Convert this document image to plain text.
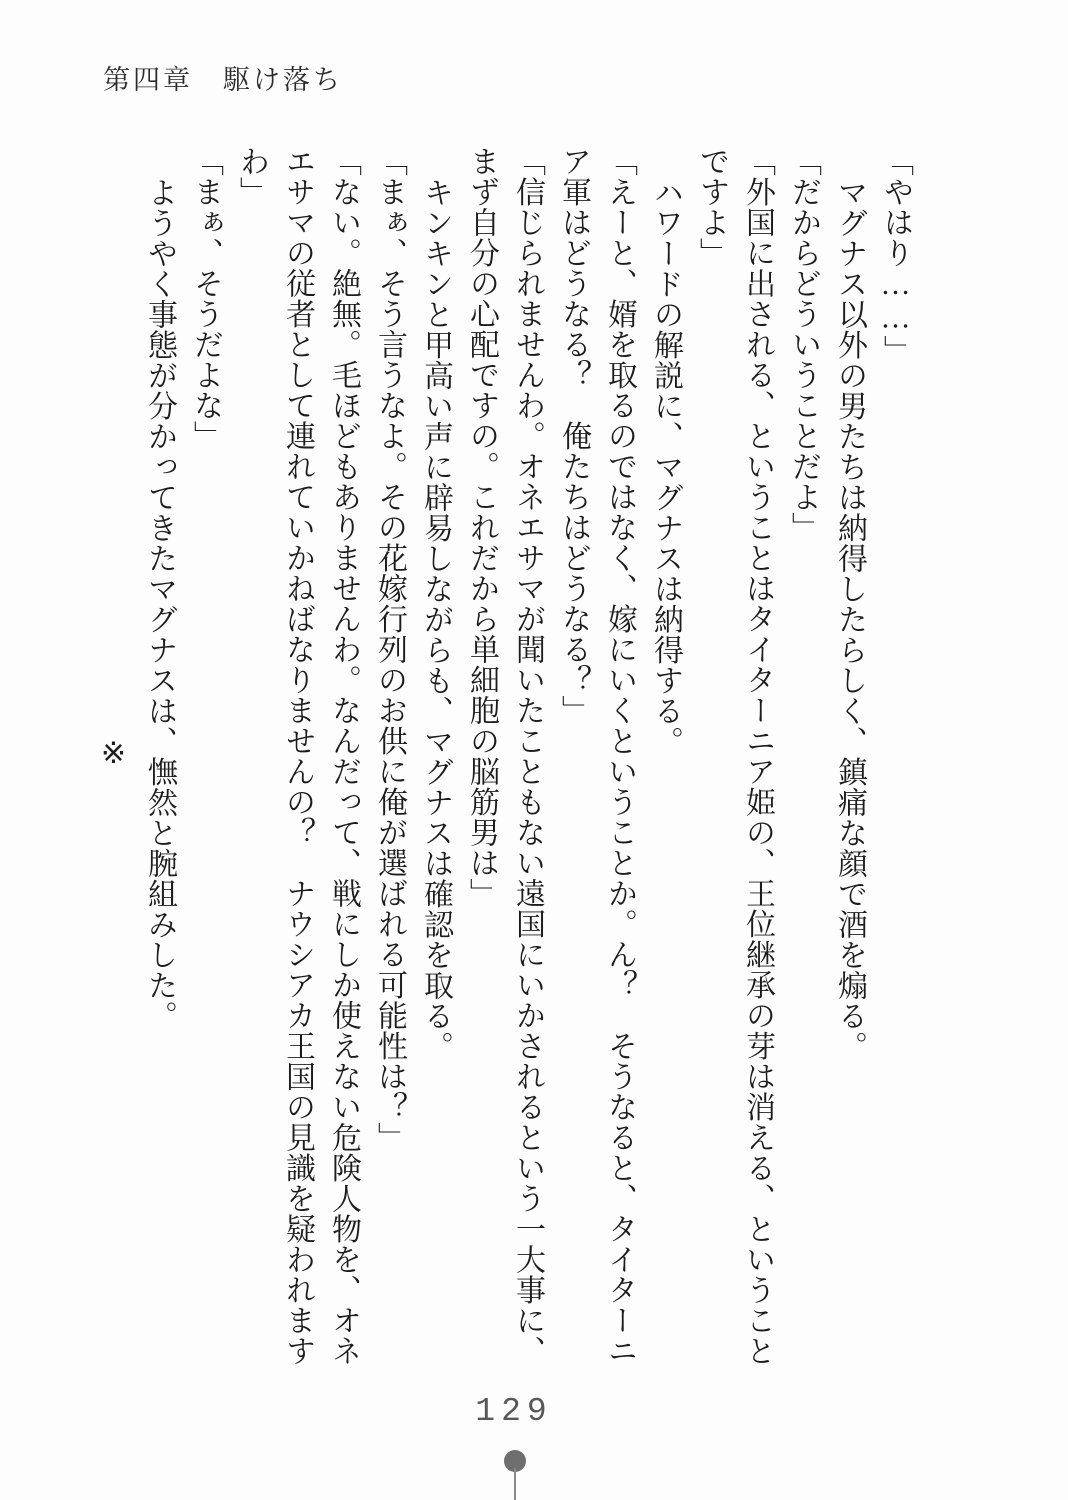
第四章　駆け落ち
「やはり……」
マグナス以外の男たちは納得したらしく、鎮痛な顔で酒を煽る。
「だからどういうことだよ」
「外国に出される、ということはタイターニア姫の、王位継承の芽は消える、ということ
ですよ」
ハワードの解説に、マグナスは納得する。
「えーと、婿を取るのではなく、嫁にいくということか。ん？　そうなると、タイターニ
ア軍はどうなる？　俺たちはどうなる？」
「信じられませんわ。オネエサマが聞いたこともない遠国にいかされるという一大事に、
まず自分の心配ですの。これだから単細胞の脳筋男は」
キンキンと甲高い声に辟易しながらも、マグナスは確認を取る。
「まぁ、そう言うなよ。その花嫁行列のお供に俺が選ばれる可能性は？」
「ない。絶無。毛ほどもありませんわ。なんだって、戦にしか使えない危険人物を、オネ
エサマの従者として連れていかねばなりませんの？　ナウシアカ王国の見識を疑われます
わ」
「まぁ、そうだよな」
ようやく事態が分かってきたマグナスは、憮然と腕組みした。
※
129
